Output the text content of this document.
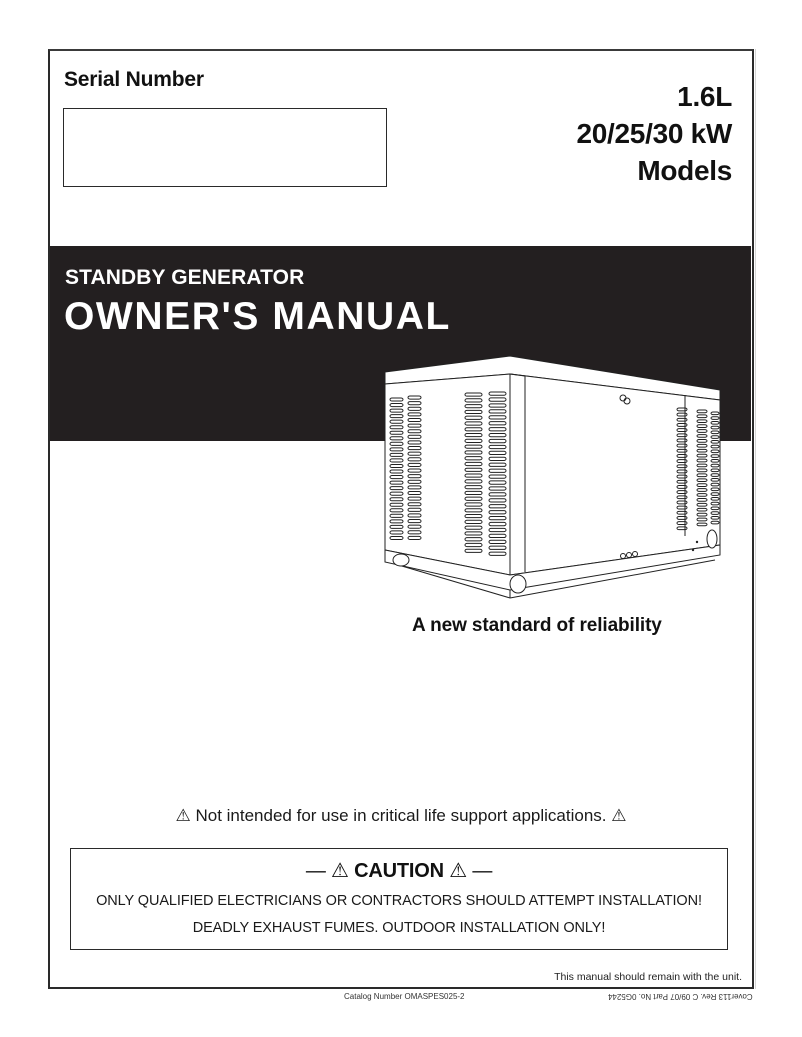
Serial Number
1.6L
20/25/30 kW
Models
STANDBY GENERATOR
OWNER'S MANUAL
A new standard of reliability
⚠ Not intended for use in critical life support applications. ⚠
— ⚠ CAUTION ⚠ —
ONLY QUALIFIED ELECTRICIANS OR CONTRACTORS SHOULD ATTEMPT INSTALLATION!
DEADLY EXHAUST FUMES. OUTDOOR INSTALLATION ONLY!
This manual should remain with the unit.
Catalog Number OMASPES025-2	Cover113 Rev. C 09/07 Part No. 0G5244
